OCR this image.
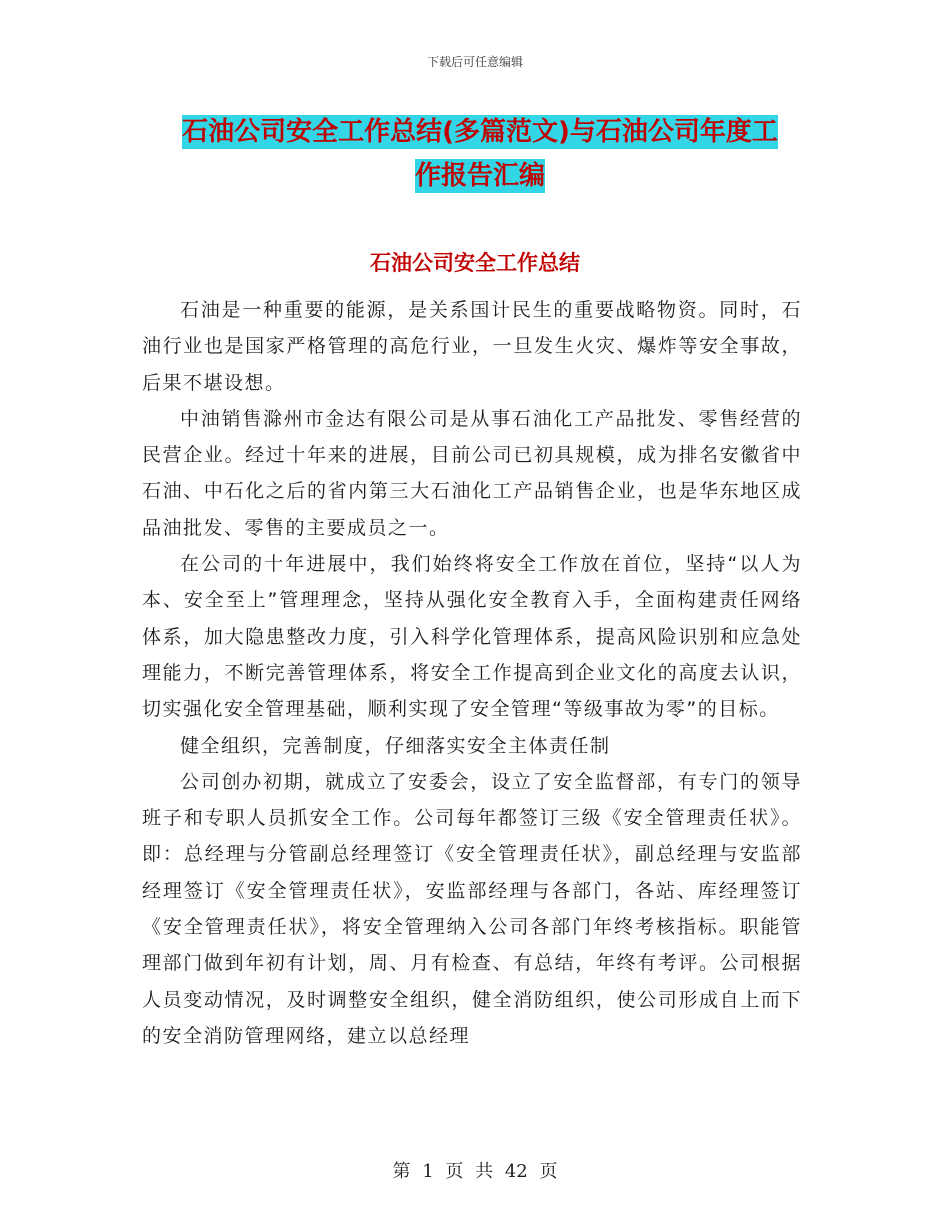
下载后可任意编辑
石油公司安全工作总结(多篇范文)与石油公司年度工
作报告汇编
石油公司安全工作总结

石油是一种重要的能源，是关系国计民生的重要战略物资。同时，石油行业也是国家严格管理的高危行业，一旦发生火灾、爆炸等安全事故，后果不堪设想。

中油销售滁州市金达有限公司是从事石油化工产品批发、零售经营的民营企业。经过十年来的进展，目前公司已初具规模，成为排名安徽省中石油、中石化之后的省内第三大石油化工产品销售企业，也是华东地区成品油批发、零售的主要成员之一。

在公司的十年进展中，我们始终将安全工作放在首位，坚持“以人为本、安全至上”管理理念，坚持从强化安全教育入手，全面构建责任网络体系，加大隐患整改力度，引入科学化管理体系，提高风险识别和应急处理能力，不断完善管理体系，将安全工作提高到企业文化的高度去认识，切实强化安全管理基础，顺利实现了安全管理“等级事故为零”的目标。

健全组织，完善制度，仔细落实安全主体责任制

公司创办初期，就成立了安委会，设立了安全监督部，有专门的领导班子和专职人员抓安全工作。公司每年都签订三级《安全管理责任状》。即：总经理与分管副总经理签订《安全管理责任状》，副总经理与安监部经理签订《安全管理责任状》，安监部经理与各部门，各站、库经理签订《安全管理责任状》，将安全管理纳入公司各部门年终考核指标。职能管理部门做到年初有计划，周、月有检查、有总结，年终有考评。公司根据人员变动情况，及时调整安全组织，健全消防组织，使公司形成自上而下的安全消防管理网络，建立以总经理

第 1 页 共 42 页
